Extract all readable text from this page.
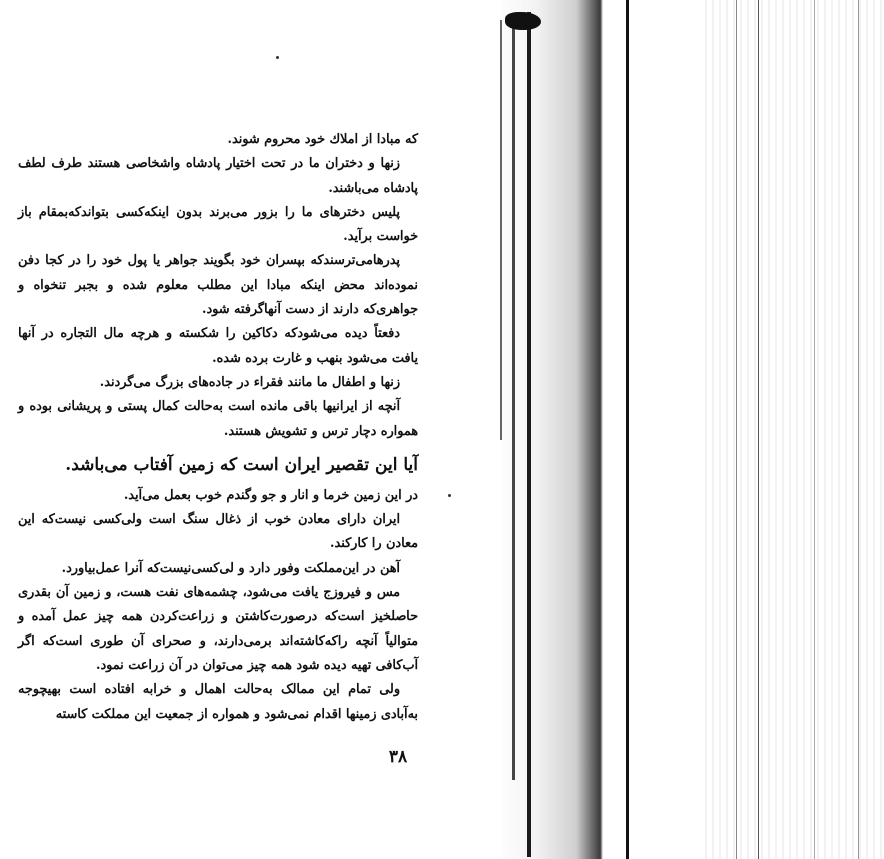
که مبادا از املاك خود محروم شوند.

زنها و دختران ما در تحت اختیار پادشاه واشخاصی هستند طرف لطف پادشاه می‌باشند.

پلیس دخترهای ما را بزور می‌برند بدون اینکه‌کسی بتواندکه‌بمقام باز خواست برآید.

پدرهامی‌ترسندکه بپسران خود بگویند جواهر یا پول خود را در کجا دفن نموده‌اند محض اینکه مبادا این مطلب معلوم شده و بجبر تنخواه و جواهری‌که دارند از دست آنهاگرفته شود.

دفعتاً دیده می‌شودکه دکاکین را شکسته و هرچه مال التجاره در آنها یافت می‌شود بنهب و غارت برده شده.

زنها و اطفال ما مانند فقراء در جاده‌های بزرگ می‌گردند.

آنچه از ایرانیها باقی مانده است به‌حالت کمال پستی و پریشانی بوده و همواره دچار ترس و تشویش هستند.

آیا این تقصیر ایران است که زمین آفتاب می‌باشد.

در این زمین خرما و انار و جو وگندم خوب بعمل می‌آید.

ایران دارای معادن خوب از ذغال سنگ است ولی‌کسی نیست‌که این معادن را کارکند.

آهن در این‌مملکت وفور دارد و لی‌کسی‌نیست‌که آنرا عمل‌بیاورد.

مس و فیروزج یافت می‌شود، چشمه‌های نفت هست، و زمین آن بقدری حاصلخیز است‌که درصورت‌کاشتن و زراعت‌کردن همه چیز عمل آمده و متوالیاً آنچه راکه‌کاشته‌اند برمی‌دارند، و صحرای آن طوری است‌که اگر آب‌کافی تهیه دیده شود همه چیز می‌توان در آن زراعت نمود.

ولی تمام این ممالک به‌حالت اهمال و خرابه افتاده است بهیچوجه به‌آبادی زمینها اقدام نمی‌شود و همواره از جمعیت این مملکت کاسته

۳۸
